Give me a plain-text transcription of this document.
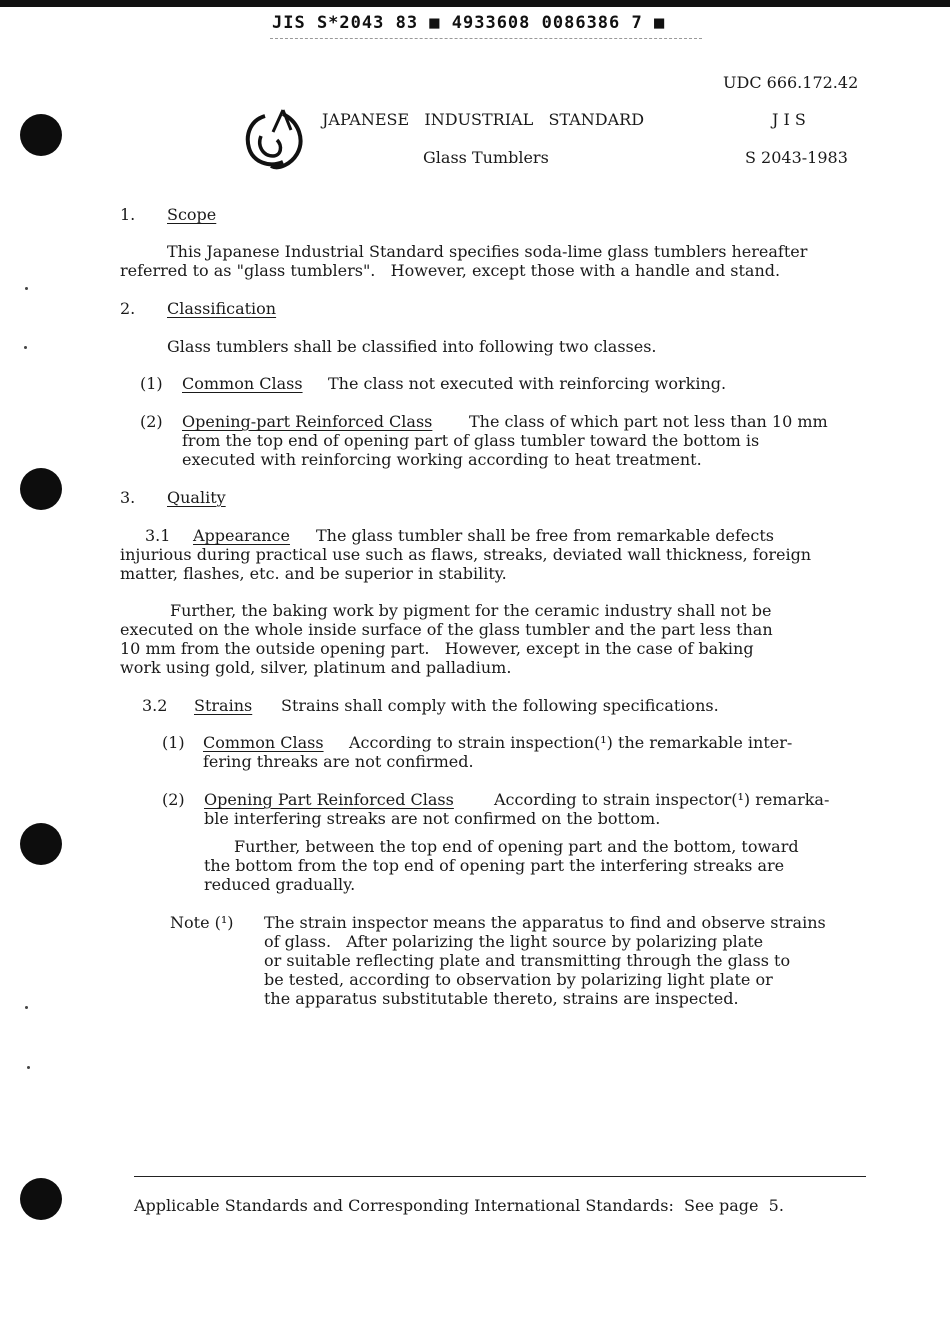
JIS S*2043 83 ■ 4933608 0086386 7 ■
UDC 666.172.42
JAPANESE   INDUSTRIAL   STANDARD
Glass Tumblers
J I S
S 2043-1983
1. Scope
This Japanese Industrial Standard specifies soda-lime glass tumblers hereafter
referred to as "glass tumblers".   However, except those with a handle and stand.
2. Classification
Glass tumblers shall be classified into following two classes.
(1) Common Class The class not executed with reinforcing working.
(2) Opening-part Reinforced Class The class of which part not less than 10 mm
from the top end of opening part of glass tumbler toward the bottom is
executed with reinforcing working according to heat treatment.
3. Quality
3.1 Appearance The glass tumbler shall be free from remarkable defects
injurious during practical use such as flaws, streaks, deviated wall thickness, foreign
matter, flashes, etc. and be superior in stability.
Further, the baking work by pigment for the ceramic industry shall not be
executed on the whole inside surface of the glass tumbler and the part less than
10 mm from the outside opening part.   However, except in the case of baking
work using gold, silver, platinum and palladium.
3.2 Strains Strains shall comply with the following specifications.
(1) Common Class According to strain inspection(¹) the remarkable inter-
fering threaks are not confirmed.
(2) Opening Part Reinforced Class	According to strain inspector(¹) remarka-
ble interfering streaks are not confirmed on the bottom.
Further, between the top end of opening part and the bottom, toward
the bottom from the top end of opening part the interfering streaks are
reduced gradually.
Note (¹) The strain inspector means the apparatus to find and observe strains
of glass.   After polarizing the light source by polarizing plate
or suitable reflecting plate and transmitting through the glass to
be tested, according to observation by polarizing light plate or
the apparatus substitutable thereto, strains are inspected.
Applicable Standards and Corresponding International Standards:  See page  5.
